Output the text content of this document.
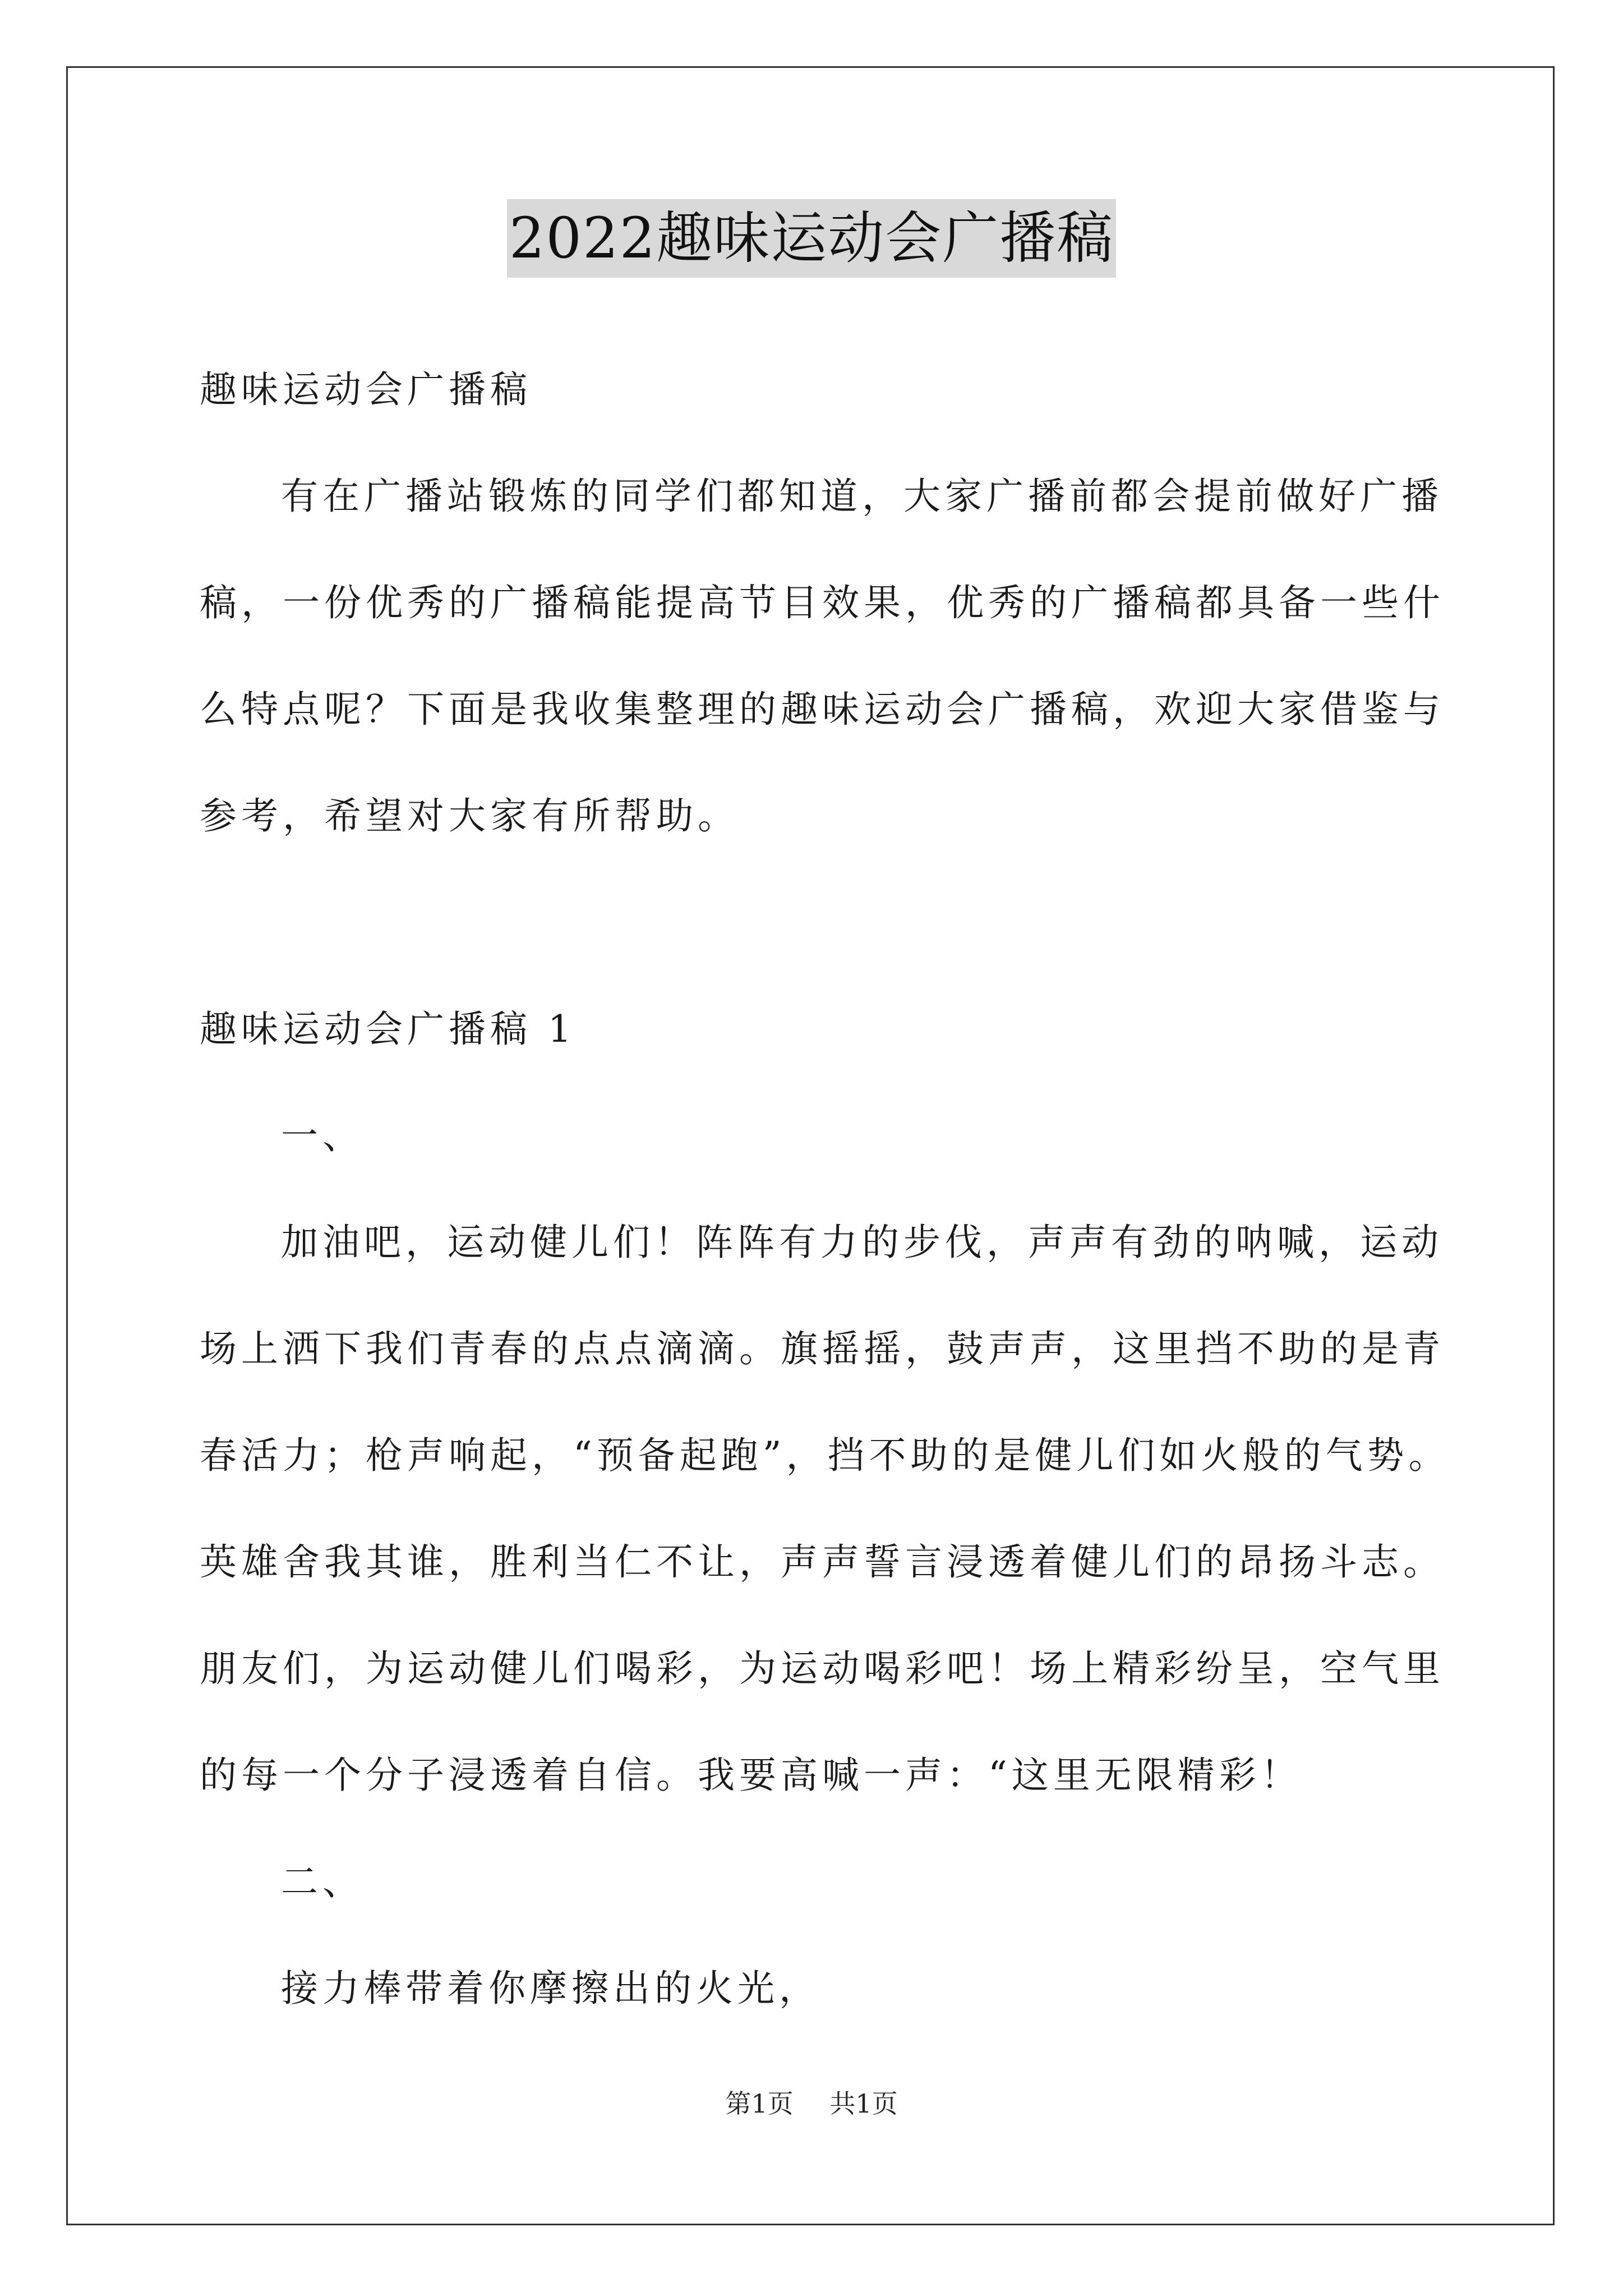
2022趣味运动会广播稿
趣味运动会广播稿
有在广播站锻炼的同学们都知道，大家广播前都会提前做好广播
稿，一份优秀的广播稿能提高节目效果，优秀的广播稿都具备一些什
么特点呢？下面是我收集整理的趣味运动会广播稿，欢迎大家借鉴与
参考，希望对大家有所帮助。
趣味运动会广播稿 1
一、
加油吧，运动健儿们！阵阵有力的步伐，声声有劲的呐喊，运动
场上洒下我们青春的点点滴滴。旗摇摇，鼓声声，这里挡不助的是青
春活力；枪声响起，“预备起跑”，挡不助的是健儿们如火般的气势。
英雄舍我其谁，胜利当仁不让，声声誓言浸透着健儿们的昂扬斗志。
朋友们，为运动健儿们喝彩，为运动喝彩吧！场上精彩纷呈，空气里
的每一个分子浸透着自信。我要高喊一声：“这里无限精彩！
二、
接力棒带着你摩擦出的火光，
第1页 共1页
